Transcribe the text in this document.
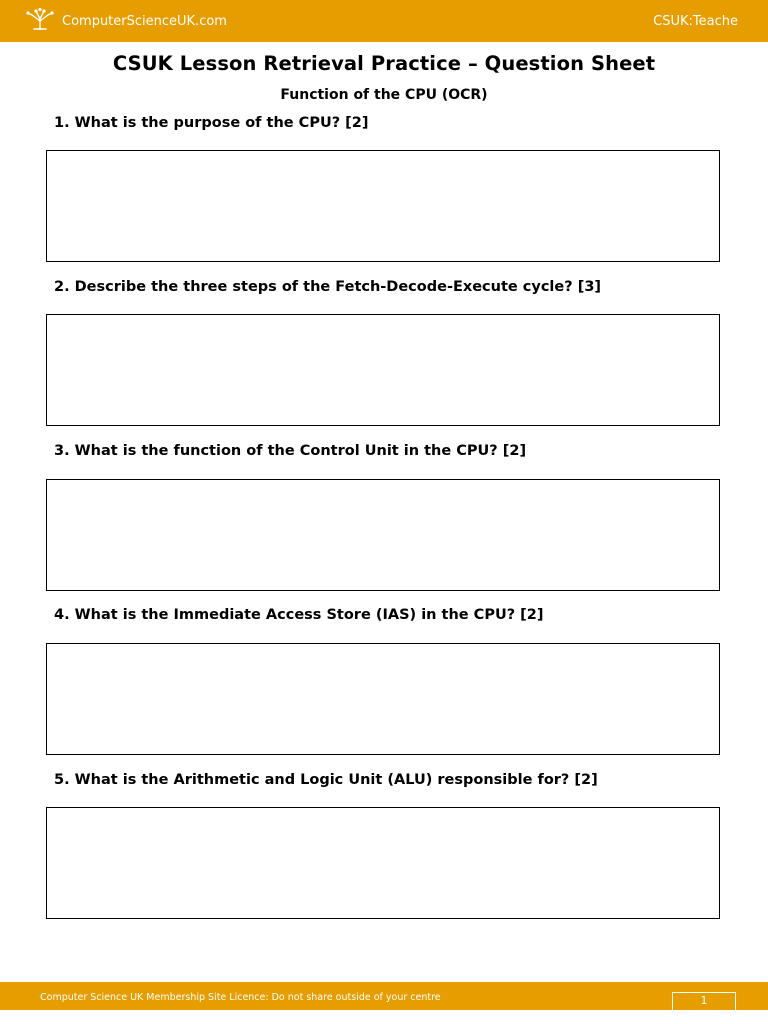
ComputerScienceUK.com	CSUK:Teache
CSUK Lesson Retrieval Practice – Question Sheet
Function of the CPU (OCR)
1. What is the purpose of the CPU? [2]
2. Describe the three steps of the Fetch-Decode-Execute cycle? [3]
3. What is the function of the Control Unit in the CPU? [2]
4. What is the Immediate Access Store (IAS) in the CPU? [2]
5. What is the Arithmetic and Logic Unit (ALU) responsible for? [2]
Computer Science UK Membership Site Licence: Do not share outside of your centre	1
